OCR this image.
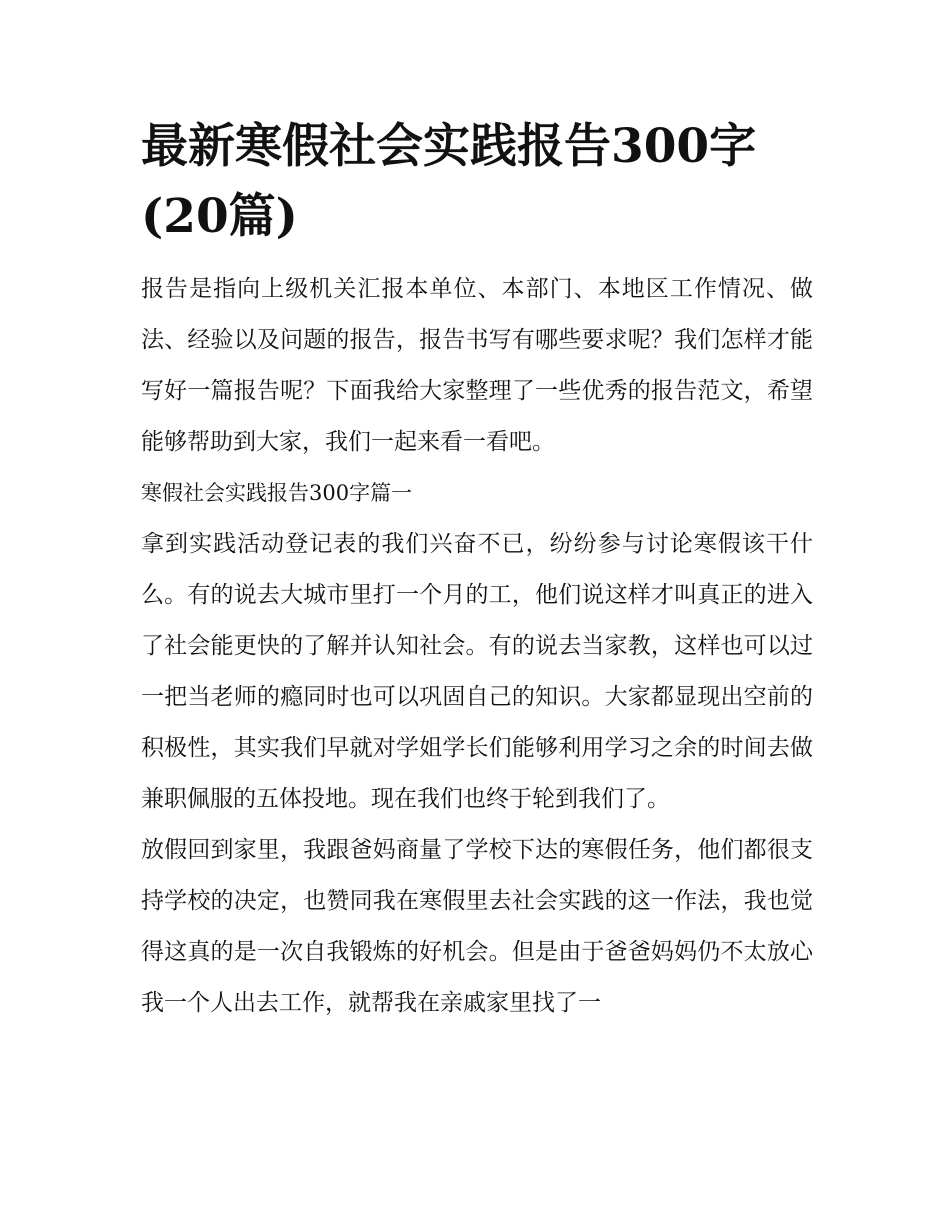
最新寒假社会实践报告300字(20篇)

报告是指向上级机关汇报本单位、本部门、本地区工作情况、做法、经验以及问题的报告，报告书写有哪些要求呢？我们怎样才能写好一篇报告呢？下面我给大家整理了一些优秀的报告范文，希望能够帮助到大家，我们一起来看一看吧。

寒假社会实践报告300字篇一

拿到实践活动登记表的我们兴奋不已，纷纷参与讨论寒假该干什么。有的说去大城市里打一个月的工，他们说这样才叫真正的进入了社会能更快的了解并认知社会。有的说去当家教，这样也可以过一把当老师的瘾同时也可以巩固自己的知识。大家都显现出空前的积极性，其实我们早就对学姐学长们能够利用学习之余的时间去做兼职佩服的五体投地。现在我们也终于轮到我们了。

放假回到家里，我跟爸妈商量了学校下达的寒假任务，他们都很支持学校的决定，也赞同我在寒假里去社会实践的这一作法，我也觉得这真的是一次自我锻炼的好机会。但是由于爸爸妈妈仍不太放心我一个人出去工作，就帮我在亲戚家里找了一
